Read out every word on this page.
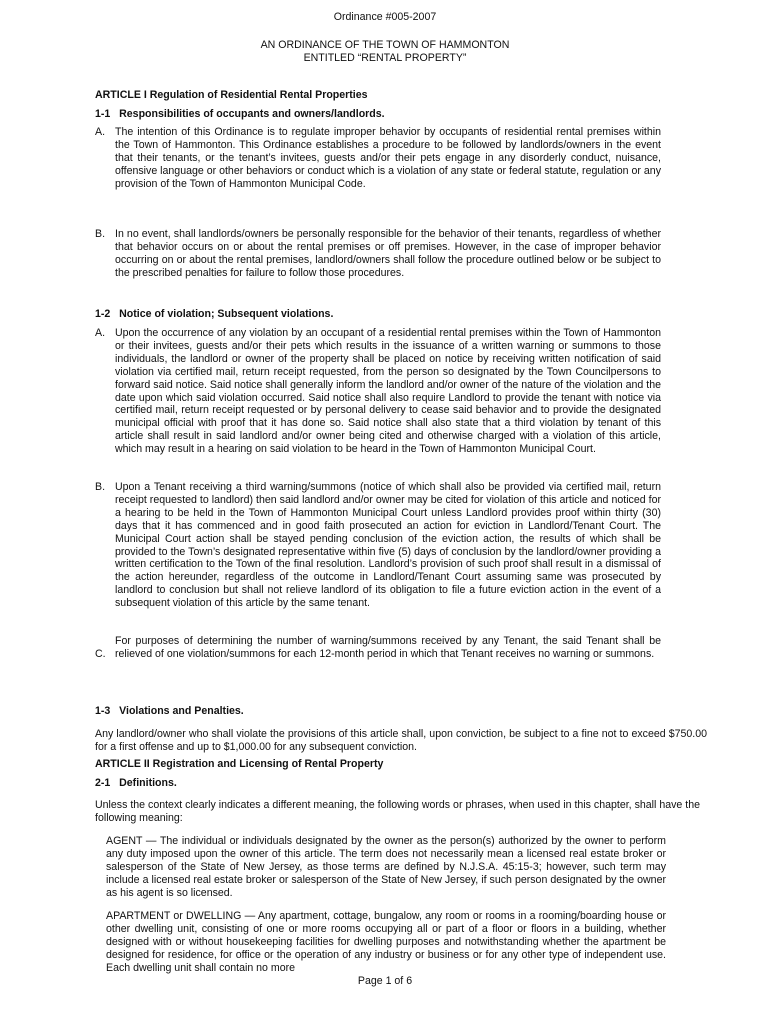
Ordinance #005-2007
AN ORDINANCE OF THE TOWN OF HAMMONTON
ENTITLED “RENTAL PROPERTY”
ARTICLE I Regulation of Residential Rental Properties
1-1   Responsibilities of occupants and owners/landlords.
A. The intention of this Ordinance is to regulate improper behavior by occupants of residential rental premises within the Town of Hammonton. This Ordinance establishes a procedure to be followed by landlords/owners in the event that their tenants, or the tenant’s invitees, guests and/or their pets engage in any disorderly conduct, nuisance, offensive language or other behaviors or conduct which is a violation of any state or federal statute, regulation or any provision of the Town of Hammonton Municipal Code.
B. In no event, shall landlords/owners be personally responsible for the behavior of their tenants, regardless of whether that behavior occurs on or about the rental premises or off premises. However, in the case of improper behavior occurring on or about the rental premises, landlord/owners shall follow the procedure outlined below or be subject to the prescribed penalties for failure to follow those procedures.
1-2   Notice of violation; Subsequent violations.
A. Upon the occurrence of any violation by an occupant of a residential rental premises within the Town of Hammonton or their invitees, guests and/or their pets which results in the issuance of a written warning or summons to those individuals, the landlord or owner of the property shall be placed on notice by receiving written notification of said violation via certified mail, return receipt requested, from the person so designated by the Town Councilpersons to forward said notice. Said notice shall generally inform the landlord and/or owner of the nature of the violation and the date upon which said violation occurred. Said notice shall also require Landlord to provide the tenant with notice via certified mail, return receipt requested or by personal delivery to cease said behavior and to provide the designated municipal official with proof that it has done so. Said notice shall also state that a third violation by tenant of this article shall result in said landlord and/or owner being cited and otherwise charged with a violation of this article, which may result in a hearing on said violation to be heard in the Town of Hammonton Municipal Court.
B. Upon a Tenant receiving a third warning/summons (notice of which shall also be provided via certified mail, return receipt requested to landlord) then said landlord and/or owner may be cited for violation of this article and noticed for a hearing to be held in the Town of Hammonton Municipal Court unless Landlord provides proof within thirty (30) days that it has commenced and in good faith prosecuted an action for eviction in Landlord/Tenant Court. The Municipal Court action shall be stayed pending conclusion of the eviction action, the results of which shall be provided to the Town’s designated representative within five (5) days of conclusion by the landlord/owner providing a written certification to the Town of the final resolution. Landlord’s provision of such proof shall result in a dismissal of the action hereunder, regardless of the outcome in Landlord/Tenant Court assuming same was prosecuted by landlord to conclusion but shall not relieve landlord of its obligation to file a future eviction action in the event of a subsequent violation of this article by the same tenant.
C.
For purposes of determining the number of warning/summons received by any Tenant, the said Tenant shall be relieved of one violation/summons for each 12-month period in which that Tenant receives no warning or summons.
1-3   Violations and Penalties.
Any landlord/owner who shall violate the provisions of this article shall, upon conviction, be subject to a fine not to exceed $750.00 for a first offense and up to $1,000.00 for any subsequent conviction.
ARTICLE II Registration and Licensing of Rental Property
2-1   Definitions.
Unless the context clearly indicates a different meaning, the following words or phrases, when used in this chapter, shall have the following meaning:
AGENT — The individual or individuals designated by the owner as the person(s) authorized by the owner to perform any duty imposed upon the owner of this article. The term does not necessarily mean a licensed real estate broker or salesperson of the State of New Jersey, as those terms are defined by N.J.S.A. 45:15-3; however, such term may include a licensed real estate broker or salesperson of the State of New Jersey, if such person designated by the owner as his agent is so licensed.
APARTMENT or DWELLING — Any apartment, cottage, bungalow, any room or rooms in a rooming/boarding house or other dwelling unit, consisting of one or more rooms occupying all or part of a floor or floors in a building, whether designed with or without housekeeping facilities for dwelling purposes and notwithstanding whether the apartment be designed for residence, for office or the operation of any industry or business or for any other type of independent use. Each dwelling unit shall contain no more
Page 1 of 6
